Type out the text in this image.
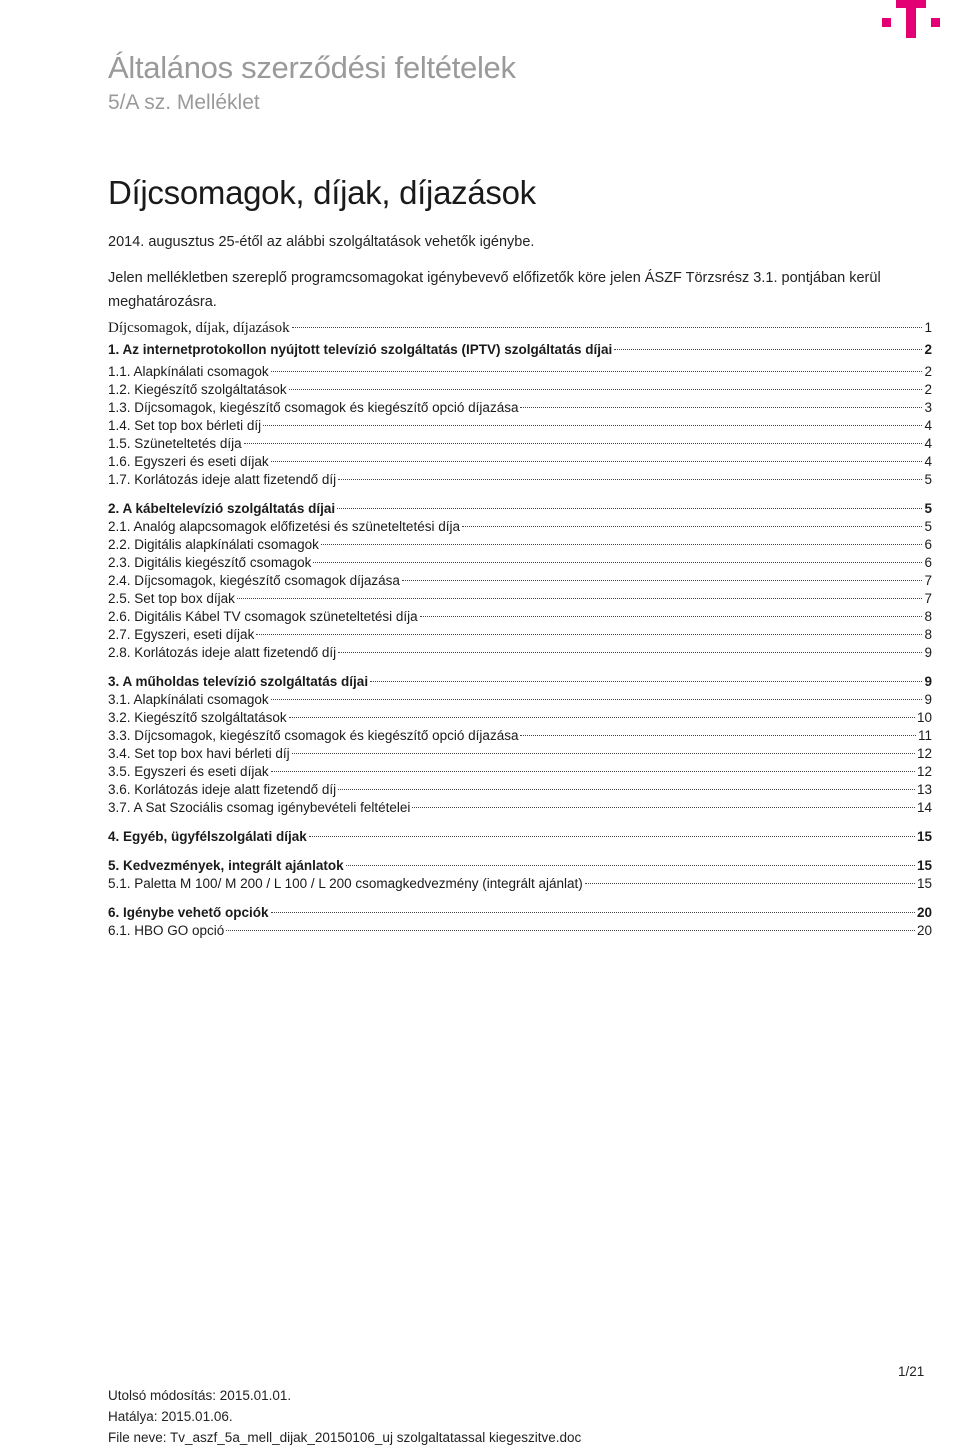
Általános szerződési feltételek
5/A sz. Melléklet
Díjcsomagok, díjak, díjazások
2014. augusztus 25-étől az alábbi szolgáltatások vehetők igénybe.
Jelen mellékletben szereplő programcsomagokat igénybevevő előfizetők köre jelen ÁSZF Törzsrész 3.1. pontjában kerül meghatározásra.
Díjcsomagok, díjak, díjazások	1
1. Az internetprotokollon nyújtott televízió szolgáltatás (IPTV) szolgáltatás díjai	2
1.1. Alapkínálati csomagok	2
1.2. Kiegészítő szolgáltatások	2
1.3. Díjcsomagok, kiegészítő csomagok és kiegészítő opció díjazása	3
1.4. Set top box bérleti díj	4
1.5. Szüneteltetés díja	4
1.6. Egyszeri és eseti díjak	4
1.7. Korlátozás ideje alatt fizetendő díj	5
2. A kábeltelevízió szolgáltatás díjai	5
2.1. Analóg alapcsomagok előfizetési és szüneteltetési díja	5
2.2. Digitális alapkínálati csomagok	6
2.3. Digitális kiegészítő csomagok	6
2.4. Díjcsomagok, kiegészítő csomagok díjazása	7
2.5. Set top box díjak	7
2.6. Digitális Kábel TV csomagok szüneteltetési díja	8
2.7. Egyszeri, eseti díjak	8
2.8. Korlátozás ideje alatt fizetendő díj	9
3. A műholdas televízió szolgáltatás díjai	9
3.1. Alapkínálati csomagok	9
3.2. Kiegészítő szolgáltatások	10
3.3. Díjcsomagok, kiegészítő csomagok és kiegészítő opció díjazása	11
3.4. Set top box havi bérleti díj	12
3.5. Egyszeri és eseti díjak	12
3.6. Korlátozás ideje alatt fizetendő díj	13
3.7. A Sat Szociális csomag igénybevételi feltételei	14
4. Egyéb, ügyfélszolgálati díjak	15
5. Kedvezmények, integrált ajánlatok	15
5.1. Paletta M 100/ M 200 / L 100 / L 200 csomagkedvezmény (integrált ajánlat)	15
6. Igénybe vehető opciók	20
6.1. HBO GO opció	20
1/21
Utolsó módosítás: 2015.01.01.
Hatálya: 2015.01.06.
File neve: Tv_aszf_5a_mell_dijak_20150106_uj szolgaltatassal kiegeszitve.doc
